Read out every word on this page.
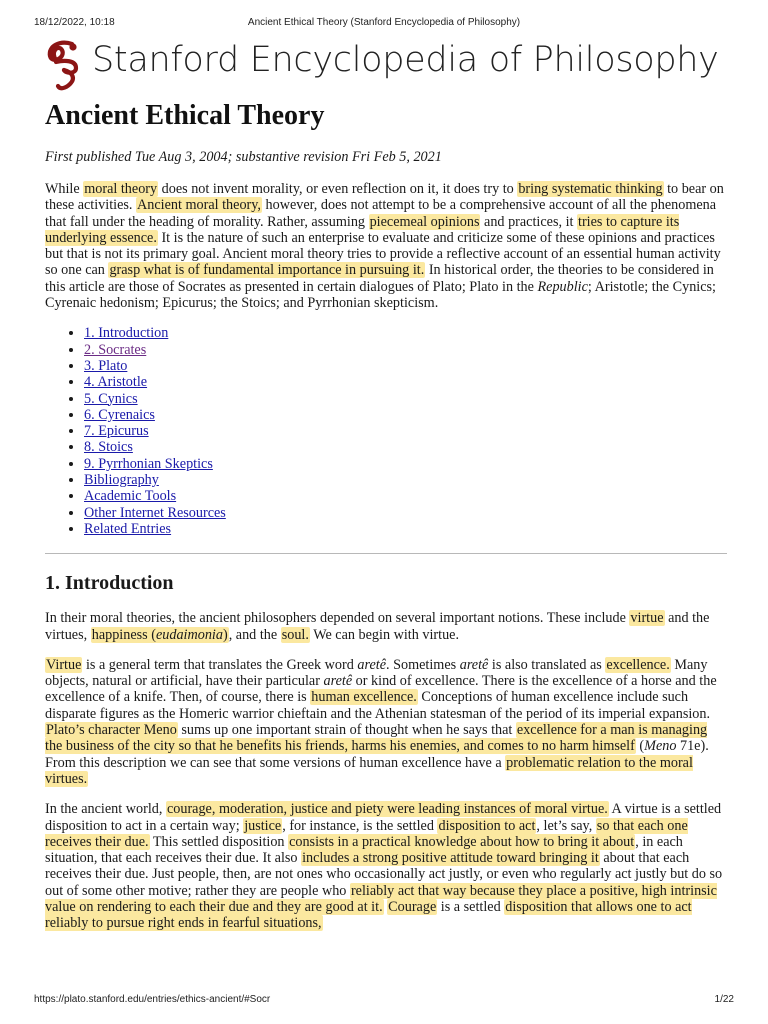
18/12/2022, 10:18	Ancient Ethical Theory (Stanford Encyclopedia of Philosophy)
Stanford Encyclopedia of Philosophy
Ancient Ethical Theory

First published Tue Aug 3, 2004; substantive revision Fri Feb 5, 2021

While moral theory does not invent morality, or even reflection on it, it does try to bring systematic thinking to bear on these activities. Ancient moral theory, however, does not attempt to be a comprehensive account of all the phenomena that fall under the heading of morality. Rather, assuming piecemeal opinions and practices, it tries to capture its underlying essence. It is the nature of such an enterprise to evaluate and criticize some of these opinions and practices but that is not its primary goal. Ancient moral theory tries to provide a reflective account of an essential human activity so one can grasp what is of fundamental importance in pursuing it. In historical order, the theories to be considered in this article are those of Socrates as presented in certain dialogues of Plato; Plato in the Republic; Aristotle; the Cynics; Cyrenaic hedonism; Epicurus; the Stoics; and Pyrrhonian skepticism.

• 1. Introduction
• 2. Socrates
• 3. Plato
• 4. Aristotle
• 5. Cynics
• 6. Cyrenaics
• 7. Epicurus
• 8. Stoics
• 9. Pyrrhonian Skeptics
• Bibliography
• Academic Tools
• Other Internet Resources
• Related Entries
1. Introduction

In their moral theories, the ancient philosophers depended on several important notions. These include virtue and the virtues, happiness (eudaimonia), and the soul. We can begin with virtue.

Virtue is a general term that translates the Greek word aretê. Sometimes aretê is also translated as excellence. Many objects, natural or artificial, have their particular aretê or kind of excellence. There is the excellence of a horse and the excellence of a knife. Then, of course, there is human excellence. Conceptions of human excellence include such disparate figures as the Homeric warrior chieftain and the Athenian statesman of the period of its imperial expansion. Plato’s character Meno sums up one important strain of thought when he says that excellence for a man is managing the business of the city so that he benefits his friends, harms his enemies, and comes to no harm himself (Meno 71e). From this description we can see that some versions of human excellence have a problematic relation to the moral virtues.

In the ancient world, courage, moderation, justice and piety were leading instances of moral virtue. A virtue is a settled disposition to act in a certain way; justice, for instance, is the settled disposition to act, let’s say, so that each one receives their due. This settled disposition consists in a practical knowledge about how to bring it about, in each situation, that each receives their due. It also includes a strong positive attitude toward bringing it about that each receives their due. Just people, then, are not ones who occasionally act justly, or even who regularly act justly but do so out of some other motive; rather they are people who reliably act that way because they place a positive, high intrinsic value on rendering to each their due and they are good at it. Courage is a settled disposition that allows one to act reliably to pursue right ends in fearful situations,

https://plato.stanford.edu/entries/ethics-ancient/#Socr	1/22
